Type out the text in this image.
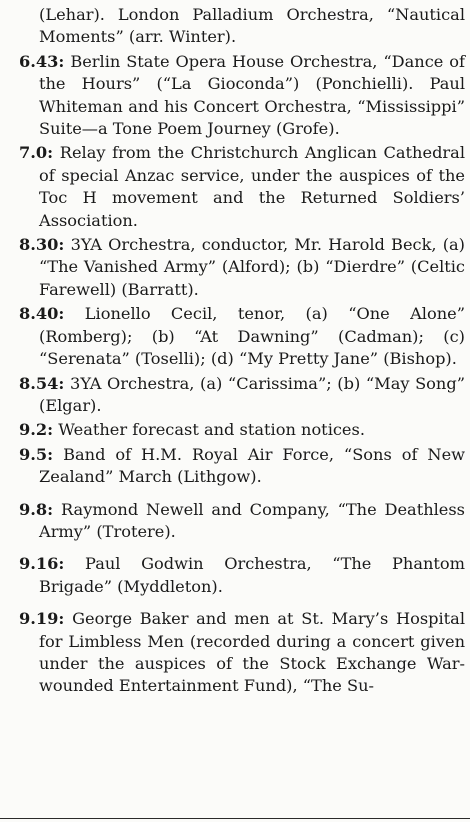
(Lehar). London Palladium Orchestra, “Nautical Moments” (arr. Winter).

6.43: Berlin State Opera House Orchestra, “Dance of the Hours” (“La Gioconda”) (Ponchielli). Paul Whiteman and his Concert Orchestra, “Mississippi” Suite—a Tone Poem Journey (Grofe).

7.0: Relay from the Christchurch Anglican Cathedral of special Anzac service, under the auspices of the Toc H movement and the Returned Soldiers’ Association.

8.30: 3YA Orchestra, conductor, Mr. Harold Beck, (a) “The Vanished Army” (Alford); (b) “Dierdre” (Celtic Farewell) (Barratt).

8.40: Lionello Cecil, tenor, (a) “One Alone” (Romberg); (b) “At Dawning” (Cadman); (c) “Serenata” (Toselli); (d) “My Pretty Jane” (Bishop).

8.54: 3YA Orchestra, (a) “Carissima”; (b) “May Song” (Elgar).

9.2: Weather forecast and station notices.

9.5: Band of H.M. Royal Air Force, “Sons of New Zealand” March (Lithgow).

9.8: Raymond Newell and Company, “The Deathless Army” (Trotere).

9.16: Paul Godwin Orchestra, “The Phantom Brigade” (Myddleton).

9.19: George Baker and men at St. Mary’s Hospital for Limbless Men (recorded during a concert given under the auspices of the Stock Exchange War-wounded Entertainment Fund), “The Su-
